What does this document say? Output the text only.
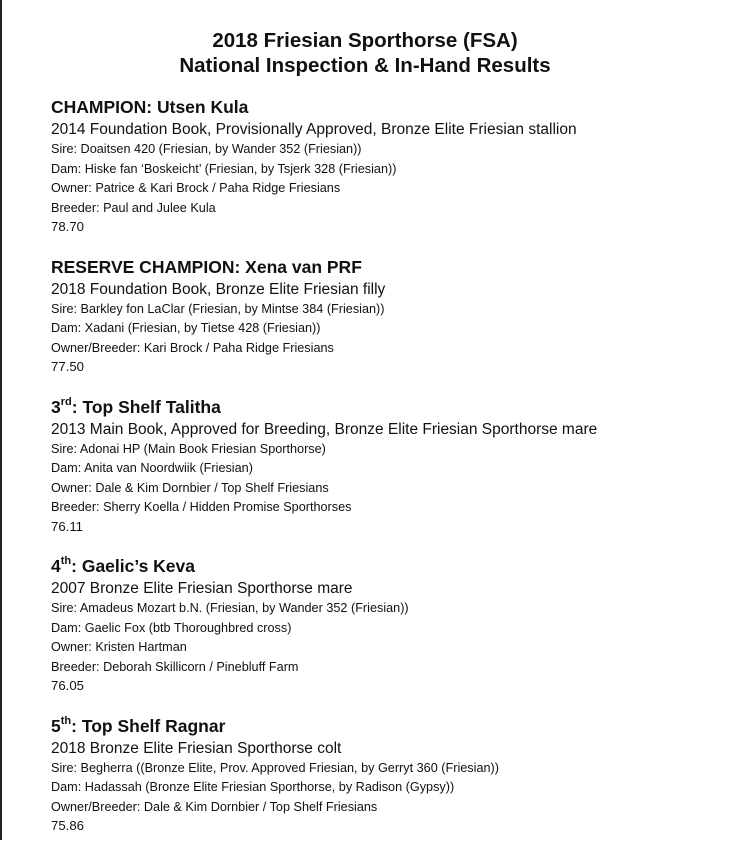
2018 Friesian Sporthorse (FSA)
National Inspection & In-Hand Results
CHAMPION: Utsen Kula
2014 Foundation Book, Provisionally Approved, Bronze Elite Friesian stallion
Sire: Doaitsen 420 (Friesian, by Wander 352 (Friesian))
Dam: Hiske fan ‘Boskeicht’ (Friesian, by Tsjerk 328 (Friesian))
Owner: Patrice & Kari Brock / Paha Ridge Friesians
Breeder: Paul and Julee Kula
78.70
RESERVE CHAMPION: Xena van PRF
2018 Foundation Book, Bronze Elite Friesian filly
Sire: Barkley fon LaClar (Friesian, by Mintse 384 (Friesian))
Dam: Xadani (Friesian, by Tietse 428 (Friesian))
Owner/Breeder: Kari Brock / Paha Ridge Friesians
77.50
3rd: Top Shelf Talitha
2013 Main Book, Approved for Breeding, Bronze Elite Friesian Sporthorse mare
Sire: Adonai HP (Main Book Friesian Sporthorse)
Dam: Anita van Noordwiik (Friesian)
Owner: Dale & Kim Dornbier / Top Shelf Friesians
Breeder: Sherry Koella / Hidden Promise Sporthorses
76.11
4th: Gaelic’s Keva
2007 Bronze Elite Friesian Sporthorse mare
Sire: Amadeus Mozart b.N. (Friesian, by Wander 352 (Friesian))
Dam: Gaelic Fox (btb Thoroughbred cross)
Owner: Kristen Hartman
Breeder: Deborah Skillicorn / Pinebluff Farm
76.05
5th: Top Shelf Ragnar
2018 Bronze Elite Friesian Sporthorse colt
Sire: Begherra ((Bronze Elite, Prov. Approved Friesian, by Gerryt 360 (Friesian))
Dam: Hadassah (Bronze Elite Friesian Sporthorse, by Radison (Gypsy))
Owner/Breeder: Dale & Kim Dornbier / Top Shelf Friesians
75.86
